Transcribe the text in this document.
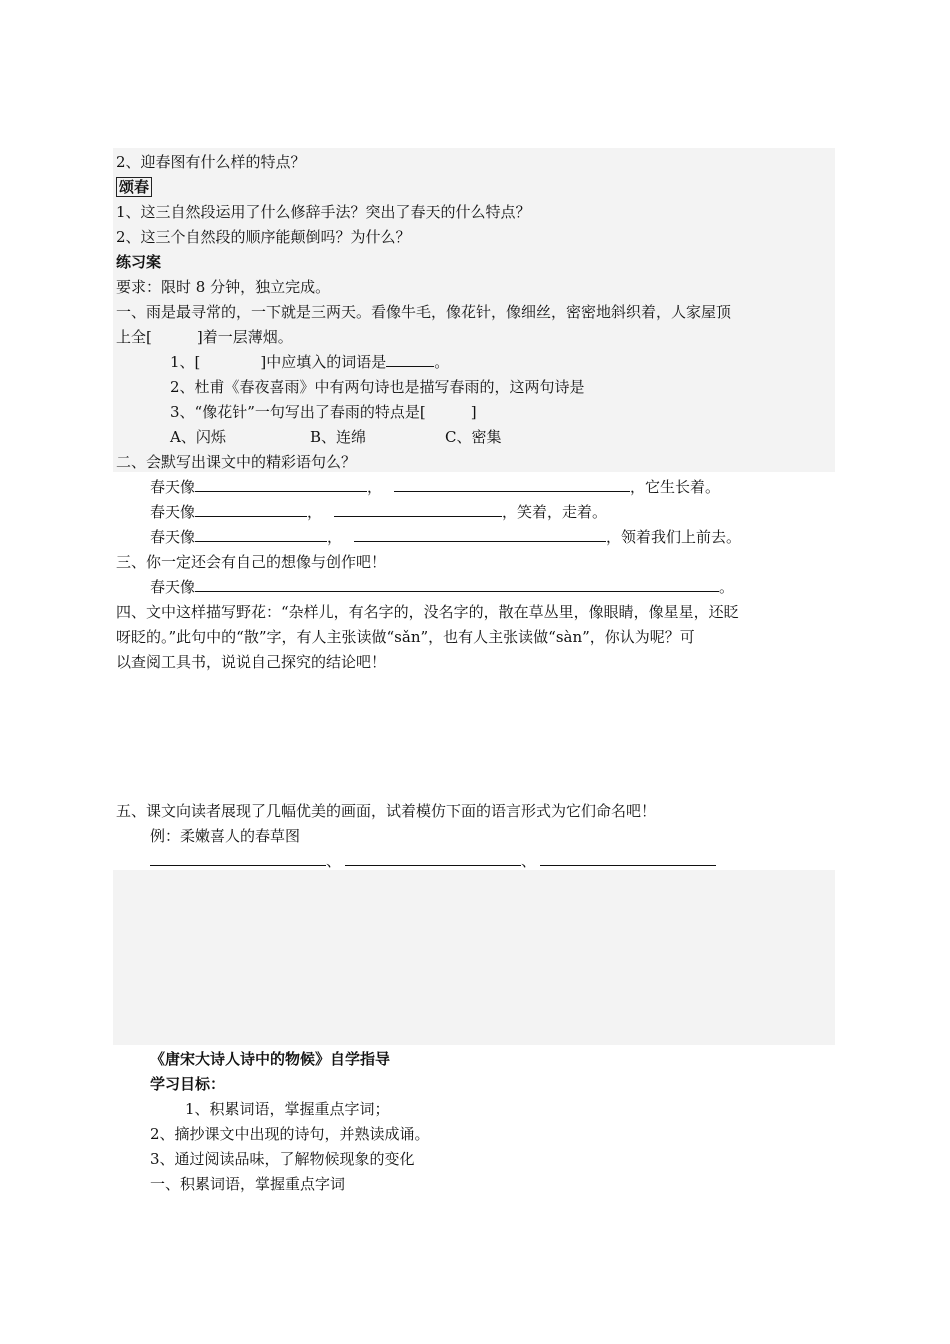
2、迎春图有什么样的特点？
颂春
1、这三自然段运用了什么修辞手法？突出了春天的什么特点？
2、这三个自然段的顺序能颠倒吗？为什么？
练习案
要求：限时 8 分钟，独立完成。
一、雨是最寻常的，一下就是三两天。看像牛毛，像花针，像细丝，密密地斜织着，人家屋顶
上全[　　　]着一层薄烟。
1、[　　　　]中应填入的词语是	。
2、杜甫《春夜喜雨》中有两句诗也是描写春雨的，这两句诗是
3、“像花针”一句写出了春雨的特点是[　　　]
A、闪烁	B、连绵	C、密集
二、会默写出课文中的精彩语句么？
春天像	，	，它生长着。
春天像	，	，笑着，走着。
春天像	，	，领着我们上前去。
三、你一定还会有自己的想像与创作吧！
春天像	。
四、文中这样描写野花：“杂样儿，有名字的，没名字的，散在草丛里，像眼睛，像星星，还眨
呀眨的。”此句中的“散”字，有人主张读做“sǎn”，也有人主张读做“sàn”，你认为呢？可
以查阅工具书，说说自己探究的结论吧！
五、课文向读者展现了几幅优美的画面，试着模仿下面的语言形式为它们命名吧！
例：柔嫩喜人的春草图
、	、
《唐宋大诗人诗中的物候》自学指导
学习目标：
1、积累词语，掌握重点字词；
2、摘抄课文中出现的诗句，并熟读成诵。
3、通过阅读品味，了解物候现象的变化
一、积累词语，掌握重点字词
